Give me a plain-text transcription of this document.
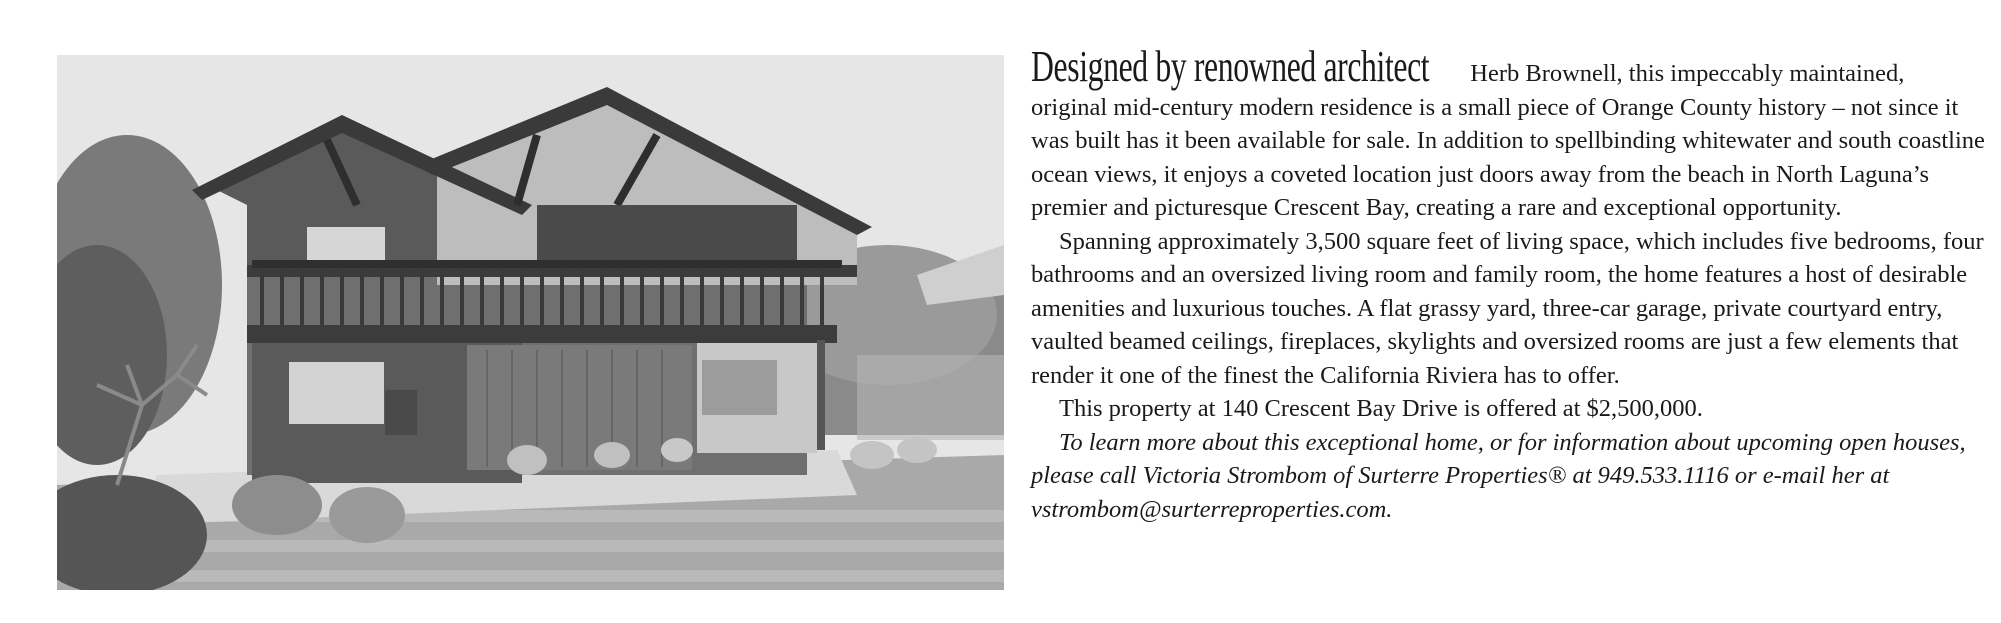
Designed by renowned architect Herb Brownell, this impeccably maintained, original mid-century modern residence is a small piece of Orange County history – not since it was built has it been available for sale. In addition to spellbinding whitewater and south coastline ocean views, it enjoys a coveted location just doors away from the beach in North Laguna’s premier and picturesque Crescent Bay, creating a rare and exceptional opportunity.

Spanning approximately 3,500 square feet of living space, which includes five bedrooms, four bathrooms and an oversized living room and family room, the home features a host of desirable amenities and luxurious touches. A flat grassy yard, three-car garage, private courtyard entry, vaulted beamed ceilings, fireplaces, skylights and oversized rooms are just a few elements that render it one of the finest the California Riviera has to offer.

This property at 140 Crescent Bay Drive is offered at $2,500,000.

To learn more about this exceptional home, or for information about upcoming open houses, please call Victoria Strombom of Surterre Properties® at 949.533.1116 or e-mail her at vstrombom@surterreproperties.com.
